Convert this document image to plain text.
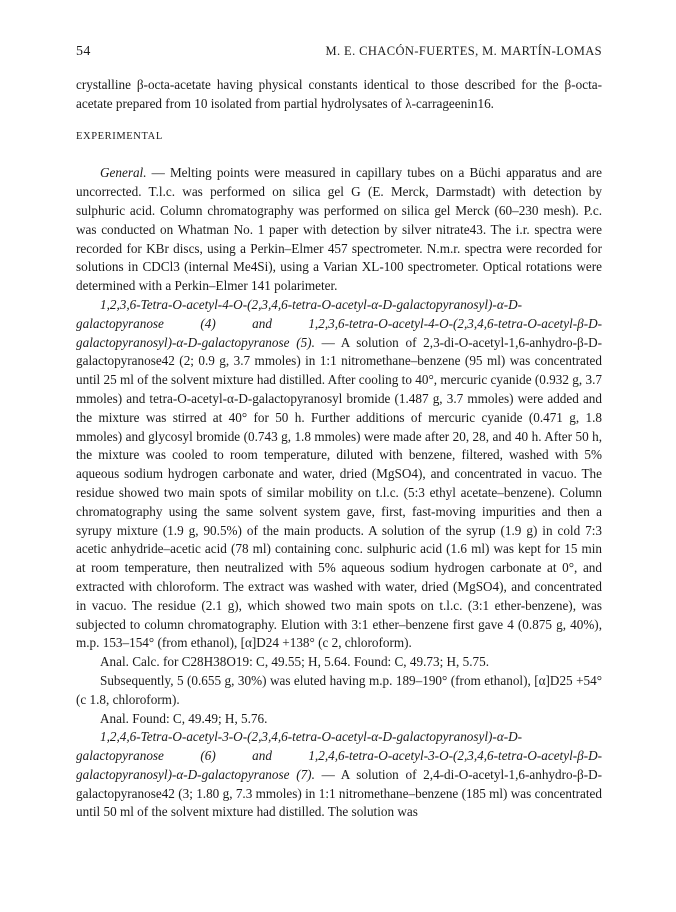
54	M. E. CHACÓN-FUERTES, M. MARTÍN-LOMAS

crystalline β-octa-acetate having physical constants identical to those described for the β-octa-acetate prepared from 10 isolated from partial hydrolysates of λ-carrageenin16.

EXPERIMENTAL

General. — Melting points were measured in capillary tubes on a Büchi apparatus and are uncorrected. T.l.c. was performed on silica gel G (E. Merck, Darmstadt) with detection by sulphuric acid. Column chromatography was performed on silica gel Merck (60–230 mesh). P.c. was conducted on Whatman No. 1 paper with detection by silver nitrate43. The i.r. spectra were recorded for KBr discs, using a Perkin–Elmer 457 spectrometer. N.m.r. spectra were recorded for solutions in CDCl3 (internal Me4Si), using a Varian XL-100 spectrometer. Optical rotations were determined with a Perkin–Elmer 141 polarimeter.

1,2,3,6-Tetra-O-acetyl-4-O-(2,3,4,6-tetra-O-acetyl-α-D-galactopyranosyl)-α-D-galactopyranose (4) and 1,2,3,6-tetra-O-acetyl-4-O-(2,3,4,6-tetra-O-acetyl-β-D-galactopyranosyl)-α-D-galactopyranose (5). — A solution of 2,3-di-O-acetyl-1,6-anhydro-β-D-galactopyranose42 (2; 0.9 g, 3.7 mmoles) in 1:1 nitromethane–benzene (95 ml) was concentrated until 25 ml of the solvent mixture had distilled. After cooling to 40°, mercuric cyanide (0.932 g, 3.7 mmoles) and tetra-O-acetyl-α-D-galactopyranosyl bromide (1.487 g, 3.7 mmoles) were added and the mixture was stirred at 40° for 50 h. Further additions of mercuric cyanide (0.471 g, 1.8 mmoles) and glycosyl bromide (0.743 g, 1.8 mmoles) were made after 20, 28, and 40 h. After 50 h, the mixture was cooled to room temperature, diluted with benzene, filtered, washed with 5% aqueous sodium hydrogen carbonate and water, dried (MgSO4), and concentrated in vacuo. The residue showed two main spots of similar mobility on t.l.c. (5:3 ethyl acetate–benzene). Column chromatography using the same solvent system gave, first, fast-moving impurities and then a syrupy mixture (1.9 g, 90.5%) of the main products. A solution of the syrup (1.9 g) in cold 7:3 acetic anhydride–acetic acid (78 ml) containing conc. sulphuric acid (1.6 ml) was kept for 15 min at room temperature, then neutralized with 5% aqueous sodium hydrogen carbonate at 0°, and extracted with chloroform. The extract was washed with water, dried (MgSO4), and concentrated in vacuo. The residue (2.1 g), which showed two main spots on t.l.c. (3:1 ether-benzene), was subjected to column chromatography. Elution with 3:1 ether–benzene first gave 4 (0.875 g, 40%), m.p. 153–154° (from ethanol), [α]D24 +138° (c 2, chloroform).

Anal. Calc. for C28H38O19: C, 49.55; H, 5.64. Found: C, 49.73; H, 5.75.

Subsequently, 5 (0.655 g, 30%) was eluted having m.p. 189–190° (from ethanol), [α]D25 +54° (c 1.8, chloroform).

Anal. Found: C, 49.49; H, 5.76.

1,2,4,6-Tetra-O-acetyl-3-O-(2,3,4,6-tetra-O-acetyl-α-D-galactopyranosyl)-α-D-galactopyranose (6) and 1,2,4,6-tetra-O-acetyl-3-O-(2,3,4,6-tetra-O-acetyl-β-D-galactopyranosyl)-α-D-galactopyranose (7). — A solution of 2,4-di-O-acetyl-1,6-anhydro-β-D-galactopyranose42 (3; 1.80 g, 7.3 mmoles) in 1:1 nitromethane–benzene (185 ml) was concentrated until 50 ml of the solvent mixture had distilled. The solution was
